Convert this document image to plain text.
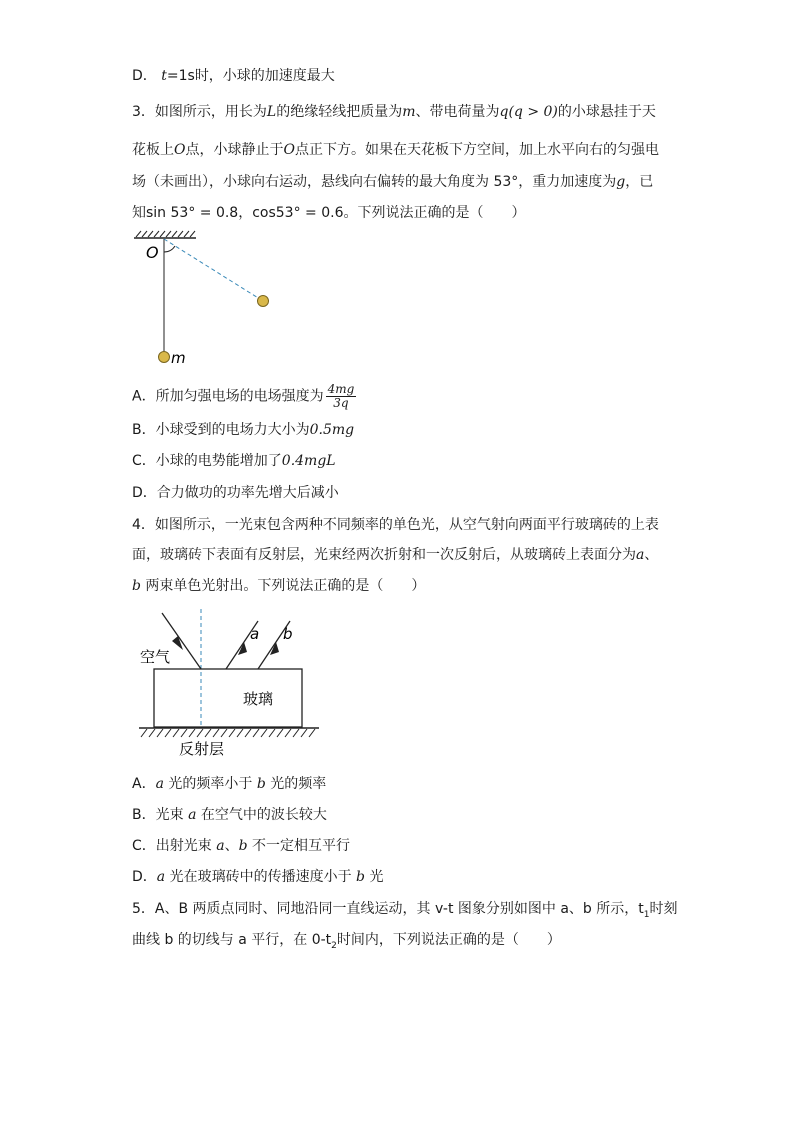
D． t=1s时，小球的加速度最大
3．如图所示，用长为L的绝缘轻线把质量为m、带电荷量为q(q > 0)的小球悬挂于天
花板上O点，小球静止于O点正下方。如果在天花板下方空间，加上水平向右的匀强电
场（未画出），小球向右运动，悬线向右偏转的最大角度为 53°，重力加速度为g，已
知sin 53° = 0.8，cos53° = 0.6。下列说法正确的是（　　）
O
m
A．所加匀强电场的电场强度为 $\frac{4mg}{3q}$
B．小球受到的电场力大小为0.5mg
C．小球的电势能增加了0.4mgL
D．合力做功的功率先增大后减小
4．如图所示，一光束包含两种不同频率的单色光，从空气射向两面平行玻璃砖的上表
面，玻璃砖下表面有反射层，光束经两次折射和一次反射后，从玻璃砖上表面分为a、
b 两束单色光射出。下列说法正确的是（　　）
空气
玻璃
反射层
a b
A．a 光的频率小于 b 光的频率
B．光束 a 在空气中的波长较大
C．出射光束 a、b 不一定相互平行
D．a 光在玻璃砖中的传播速度小于 b 光
5．A、B 两质点同时、同地沿同一直线运动，其 v-t 图象分别如图中 a、b 所示，$t_1$时刻
曲线 b 的切线与 a 平行，在 $0-t_2$时间内，下列说法正确的是（　　）
